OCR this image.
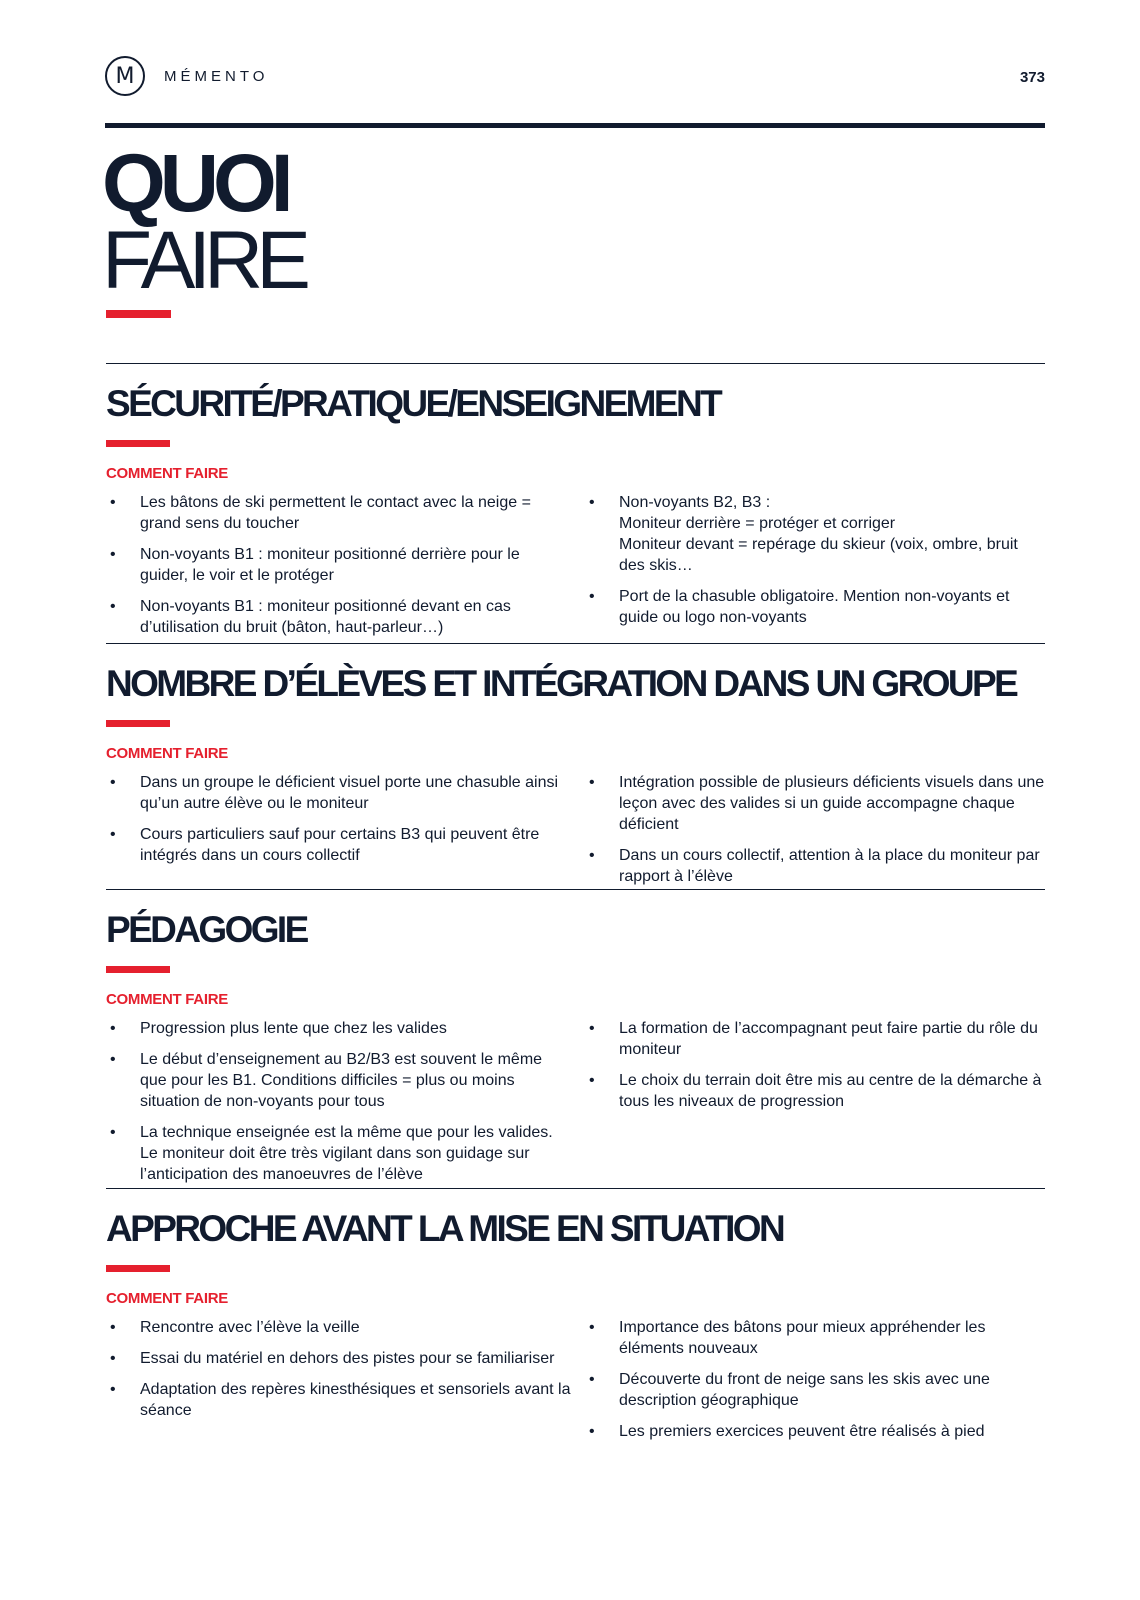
M MÉMENTO	373
QUOI
FAIRE
SÉCURITÉ/PRATIQUE/ENSEIGNEMENT
COMMENT FAIRE
• Les bâtons de ski permettent le contact avec la neige = grand sens du toucher
• Non-voyants B1 : moniteur positionné derrière pour le guider, le voir et le protéger
• Non-voyants B1 : moniteur positionné devant en cas d’utilisation du bruit (bâton, haut-parleur…)
• Non-voyants B2, B3 :
Moniteur derrière = protéger et corriger
Moniteur devant = repérage du skieur (voix, ombre, bruit des skis…
• Port de la chasuble obligatoire. Mention non-voyants et guide ou logo non-voyants
NOMBRE D’ÉLÈVES ET INTÉGRATION DANS UN GROUPE
COMMENT FAIRE
• Dans un groupe le déficient visuel porte une chasuble ainsi qu’un autre élève ou le moniteur
• Cours particuliers sauf pour certains B3 qui peuvent être intégrés dans un cours collectif
• Intégration possible de plusieurs déficients visuels dans une leçon avec des valides si un guide accompagne chaque déficient
• Dans un cours collectif, attention à la place du moniteur par rapport à l’élève
PÉDAGOGIE
COMMENT FAIRE
• Progression plus lente que chez les valides
• Le début d’enseignement au B2/B3 est souvent le même que pour les B1. Conditions difficiles = plus ou moins situation de non-voyants pour tous
• La technique enseignée est la même que pour les valides. Le moniteur doit être très vigilant dans son guidage sur l’anticipation des manoeuvres de l’élève
• La formation de l’accompagnant peut faire partie du rôle du moniteur
• Le choix du terrain doit être mis au centre de la démarche à tous les niveaux de progression
APPROCHE AVANT LA MISE EN SITUATION
COMMENT FAIRE
• Rencontre avec l’élève la veille
• Essai du matériel en dehors des pistes pour se familiariser
• Adaptation des repères kinesthésiques et sensoriels avant la séance
• Importance des bâtons pour mieux appréhender les éléments nouveaux
• Découverte du front de neige sans les skis avec une description géographique
• Les premiers exercices peuvent être réalisés à pied
